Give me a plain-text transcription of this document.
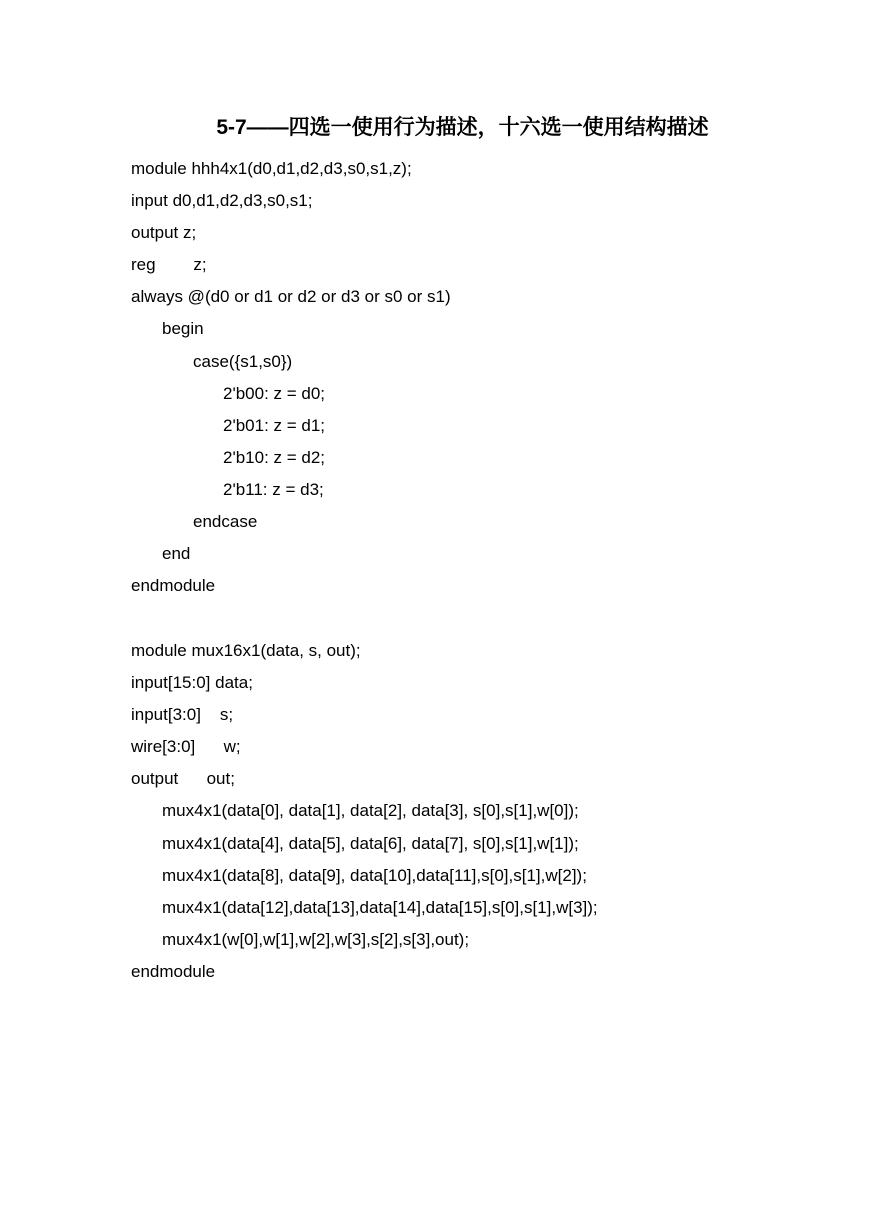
5-7——四选一使用行为描述，十六选一使用结构描述
module hhh4x1(d0,d1,d2,d3,s0,s1,z);
input d0,d1,d2,d3,s0,s1;
output z;
reg        z;
always @(d0 or d1 or d2 or d3 or s0 or s1)
begin
case({s1,s0})
2'b00: z = d0;
2'b01: z = d1;
2'b10: z = d2;
2'b11: z = d3;
endcase
end
endmodule
module mux16x1(data, s, out);
input[15:0] data;
input[3:0]    s;
wire[3:0]      w;
output      out;
mux4x1(data[0], data[1], data[2], data[3], s[0],s[1],w[0]);
mux4x1(data[4], data[5], data[6], data[7], s[0],s[1],w[1]);
mux4x1(data[8], data[9], data[10],data[11],s[0],s[1],w[2]);
mux4x1(data[12],data[13],data[14],data[15],s[0],s[1],w[3]);
mux4x1(w[0],w[1],w[2],w[3],s[2],s[3],out);
endmodule
